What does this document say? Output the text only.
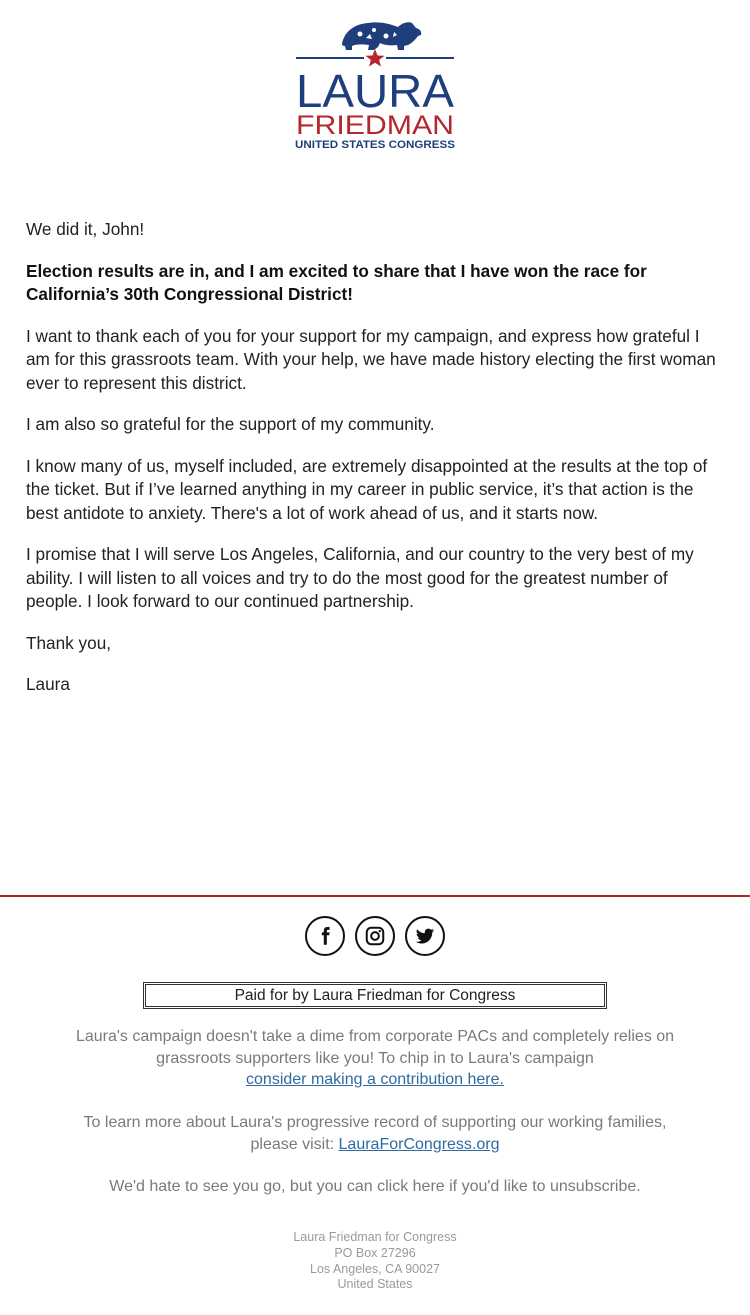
LAURA
FRIEDMAN
UNITED STATES CONGRESS

We did it, John!

Election results are in, and I am excited to share that I have won the race for California’s 30th Congressional District!

I want to thank each of you for your support for my campaign, and express how grateful I am for this grassroots team. With your help, we have made history electing the first woman ever to represent this district.

I am also so grateful for the support of my community.

I know many of us, myself included, are extremely disappointed at the results at the top of the ticket. But if I’ve learned anything in my career in public service, it’s that action is the best antidote to anxiety. There's a lot of work ahead of us, and it starts now.

I promise that I will serve Los Angeles, California, and our country to the very best of my ability. I will listen to all voices and try to do the most good for the greatest number of people. I look forward to our continued partnership.

Thank you,

Laura

Paid for by Laura Friedman for Congress
Laura's campaign doesn't take a dime from corporate PACs and completely relies on grassroots supporters like you! To chip in to Laura's campaign
consider making a contribution here.
To learn more about Laura's progressive record of supporting our working families, please visit: LauraForCongress.org
We'd hate to see you go, but you can click here if you'd like to unsubscribe.
Laura Friedman for Congress
PO Box 27296
Los Angeles, CA 90027
United States
